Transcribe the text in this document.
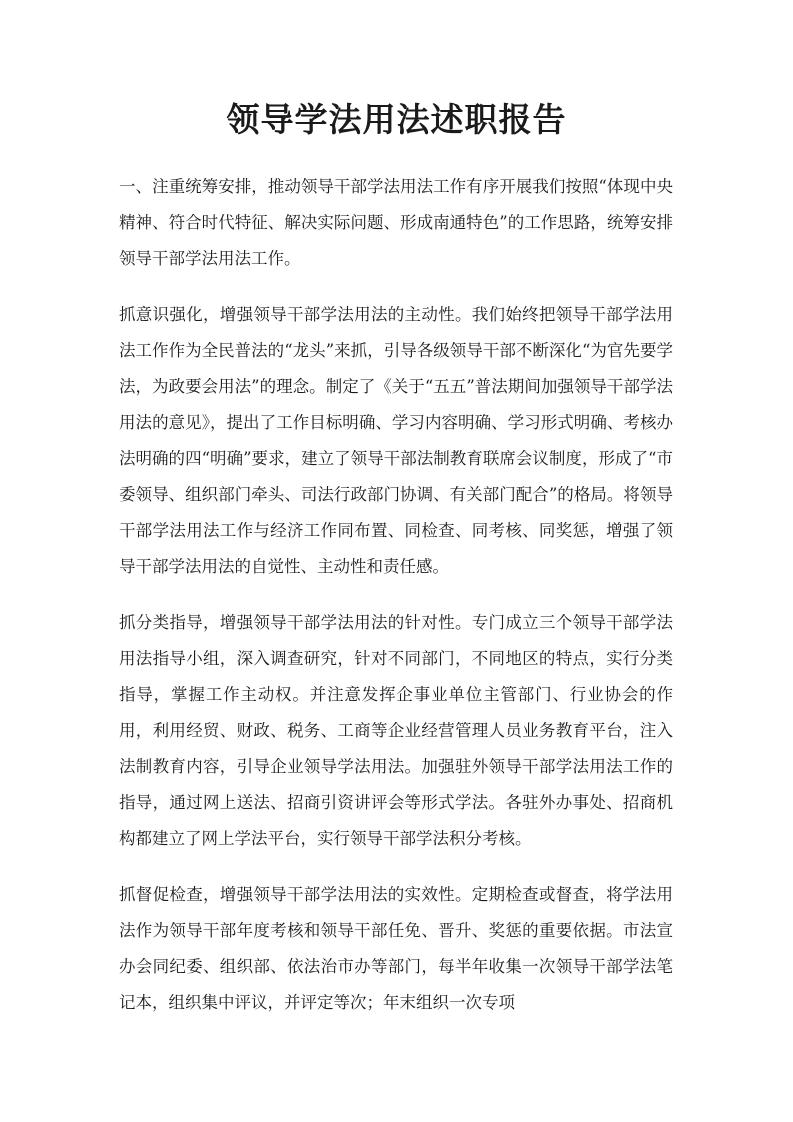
领导学法用法述职报告

一、注重统筹安排，推动领导干部学法用法工作有序开展我们按照“体现中央精神、符合时代特征、解决实际问题、形成南通特色”的工作思路，统筹安排领导干部学法用法工作。

抓意识强化，增强领导干部学法用法的主动性。我们始终把领导干部学法用法工作作为全民普法的“龙头”来抓，引导各级领导干部不断深化“为官先要学法，为政要会用法”的理念。制定了《关于“五五”普法期间加强领导干部学法用法的意见》，提出了工作目标明确、学习内容明确、学习形式明确、考核办法明确的四“明确”要求，建立了领导干部法制教育联席会议制度，形成了“市委领导、组织部门牵头、司法行政部门协调、有关部门配合”的格局。将领导干部学法用法工作与经济工作同布置、同检查、同考核、同奖惩，增强了领导干部学法用法的自觉性、主动性和责任感。

抓分类指导，增强领导干部学法用法的针对性。专门成立三个领导干部学法用法指导小组，深入调查研究，针对不同部门，不同地区的特点，实行分类指导，掌握工作主动权。并注意发挥企事业单位主管部门、行业协会的作用，利用经贸、财政、税务、工商等企业经营管理人员业务教育平台，注入法制教育内容，引导企业领导学法用法。加强驻外领导干部学法用法工作的指导，通过网上送法、招商引资讲评会等形式学法。各驻外办事处、招商机构都建立了网上学法平台，实行领导干部学法积分考核。

抓督促检查，增强领导干部学法用法的实效性。定期检查或督查，将学法用法作为领导干部年度考核和领导干部任免、晋升、奖惩的重要依据。市法宣办会同纪委、组织部、依法治市办等部门，每半年收集一次领导干部学法笔记本，组织集中评议，并评定等次；年末组织一次专项
